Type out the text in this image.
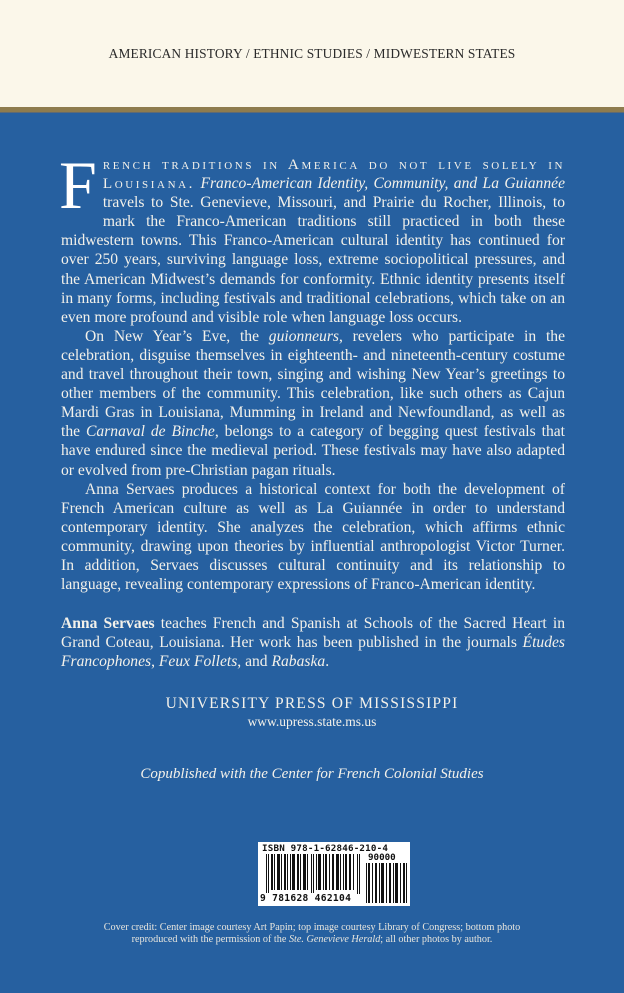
AMERICAN HISTORY / ETHNIC STUDIES / MIDWESTERN STATES

French traditions in America do not live solely in Louisiana. Franco-American Identity, Community, and La Guiannée travels to Ste. Genevieve, Missouri, and Prairie du Rocher, Illinois, to mark the Franco-American traditions still practiced in both these midwestern towns. This Franco-American cultural identity has continued for over 250 years, surviving language loss, extreme sociopolitical pressures, and the American Midwest’s demands for conformity. Ethnic identity presents itself in many forms, including festivals and traditional celebrations, which take on an even more profound and visible role when language loss occurs.

On New Year’s Eve, the guionneurs, revelers who participate in the celebration, disguise themselves in eighteenth- and nineteenth-century costume and travel throughout their town, singing and wishing New Year’s greetings to other members of the community. This celebration, like such others as Cajun Mardi Gras in Louisiana, Mumming in Ireland and Newfoundland, as well as the Carnaval de Binche, belongs to a category of begging quest festivals that have endured since the medieval period. These festivals may have also adapted or evolved from pre-Christian pagan rituals.

Anna Servaes produces a historical context for both the development of French American culture as well as La Guiannée in order to understand contemporary identity. She analyzes the celebration, which affirms ethnic community, drawing upon theories by influential anthropologist Victor Turner. In addition, Servaes discusses cultural continuity and its relationship to language, revealing contemporary expressions of Franco-American identity.

Anna Servaes teaches French and Spanish at Schools of the Sacred Heart in Grand Coteau, Louisiana. Her work has been published in the journals Études Francophones, Feux Follets, and Rabaska.

UNIVERSITY PRESS OF MISSISSIPPI
www.upress.state.ms.us
Copublished with the Center for French Colonial Studies
ISBN 978-1-62846-210-4
90000
9 781628 462104
Cover credit: Center image courtesy Art Papin; top image courtesy Library of Congress; bottom photo reproduced with the permission of the Ste. Genevieve Herald; all other photos by author.
